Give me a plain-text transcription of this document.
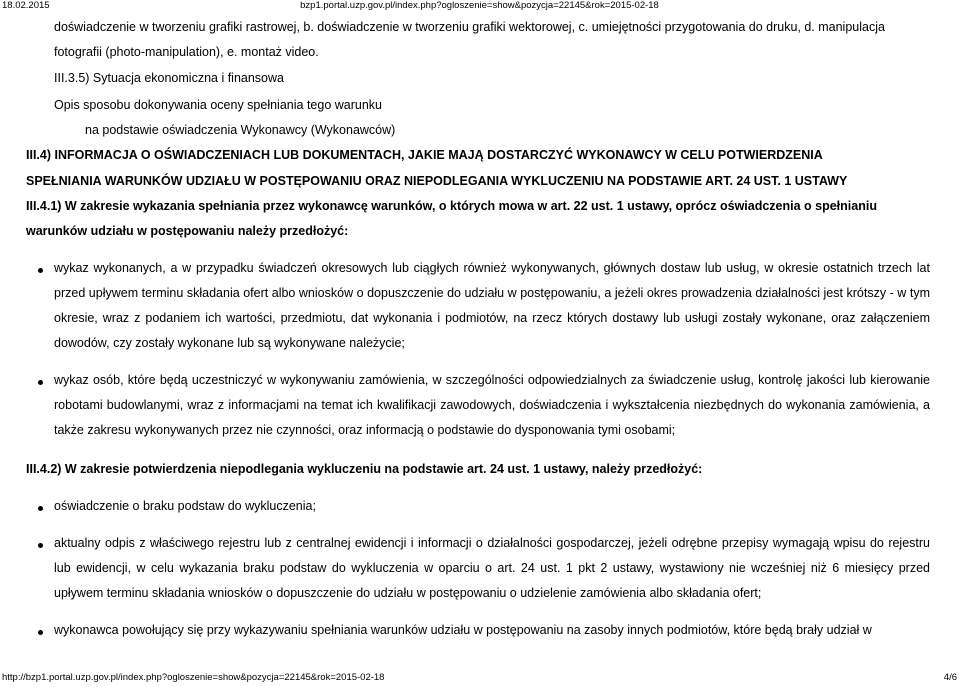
18.02.2015	bzp1.portal.uzp.gov.pl/index.php?ogloszenie=show&pozycja=22145&rok=2015-02-18

doświadczenie w tworzeniu grafiki rastrowej, b. doświadczenie w tworzeniu grafiki wektorowej, c. umiejętności przygotowania do druku, d. manipulacja

fotografii (photo-manipulation), e. montaż video.

III.3.5) Sytuacja ekonomiczna i finansowa

Opis sposobu dokonywania oceny spełniania tego warunku

na podstawie oświadczenia Wykonawcy (Wykonawców)

III.4) INFORMACJA O OŚWIADCZENIACH LUB DOKUMENTACH, JAKIE MAJĄ DOSTARCZYĆ WYKONAWCY W CELU POTWIERDZENIA

SPEŁNIANIA WARUNKÓW UDZIAŁU W POSTĘPOWANIU ORAZ NIEPODLEGANIA WYKLUCZENIU NA PODSTAWIE ART. 24 UST. 1 USTAWY

III.4.1) W zakresie wykazania spełniania przez wykonawcę warunków, o których mowa w art. 22 ust. 1 ustawy, oprócz oświadczenia o spełnianiu

warunków udziału w postępowaniu należy przedłożyć:

wykaz wykonanych, a w przypadku świadczeń okresowych lub ciągłych również wykonywanych, głównych dostaw lub usług, w okresie ostatnich trzech lat przed upływem terminu składania ofert albo wniosków o dopuszczenie do udziału w postępowaniu, a jeżeli okres prowadzenia działalności jest krótszy - w tym okresie, wraz z podaniem ich wartości, przedmiotu, dat wykonania i podmiotów, na rzecz których dostawy lub usługi zostały wykonane, oraz załączeniem dowodów, czy zostały wykonane lub są wykonywane należycie;

wykaz osób, które będą uczestniczyć w wykonywaniu zamówienia, w szczególności odpowiedzialnych za świadczenie usług, kontrolę jakości lub kierowanie robotami budowlanymi, wraz z informacjami na temat ich kwalifikacji zawodowych, doświadczenia i wykształcenia niezbędnych do wykonania zamówienia, a także zakresu wykonywanych przez nie czynności, oraz informacją o podstawie do dysponowania tymi osobami;

III.4.2) W zakresie potwierdzenia niepodlegania wykluczeniu na podstawie art. 24 ust. 1 ustawy, należy przedłożyć:

oświadczenie o braku podstaw do wykluczenia;

aktualny odpis z właściwego rejestru lub z centralnej ewidencji i informacji o działalności gospodarczej, jeżeli odrębne przepisy wymagają wpisu do rejestru lub ewidencji, w celu wykazania braku podstaw do wykluczenia w oparciu o art. 24 ust. 1 pkt 2 ustawy, wystawiony nie wcześniej niż 6 miesięcy przed upływem terminu składania wniosków o dopuszczenie do udziału w postępowaniu o udzielenie zamówienia albo składania ofert;

wykonawca powołujący się przy wykazywaniu spełniania warunków udziału w postępowaniu na zasoby innych podmiotów, które będą brały udział w

http://bzp1.portal.uzp.gov.pl/index.php?ogloszenie=show&pozycja=22145&rok=2015-02-18	4/6
